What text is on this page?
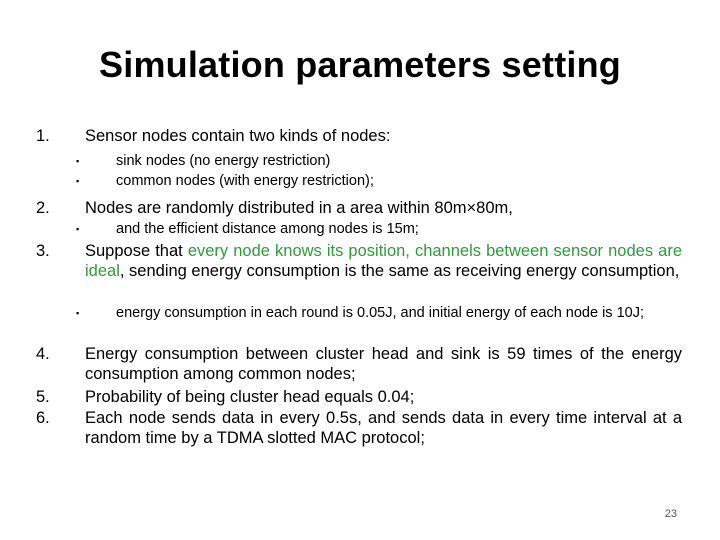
Simulation parameters setting
1.	Sensor nodes contain two kinds of nodes:
▪	sink nodes (no energy restriction)
▪	common nodes (with energy restriction);
2.	Nodes are randomly distributed in a area within 80m×80m,
▪	and the efficient distance among nodes is 15m;
3.	Suppose that every node knows its position, channels between sensor nodes are ideal, sending energy consumption is the same as receiving energy consumption,
▪	energy consumption in each round is 0.05J, and initial energy of each node is 10J;
4.	Energy consumption between cluster head and sink is 59 times of the energy consumption among common nodes;
5.	Probability of being cluster head equals 0.04;
6.	Each node sends data in every 0.5s, and sends data in every time interval at a random time by a TDMA slotted MAC protocol;
23
